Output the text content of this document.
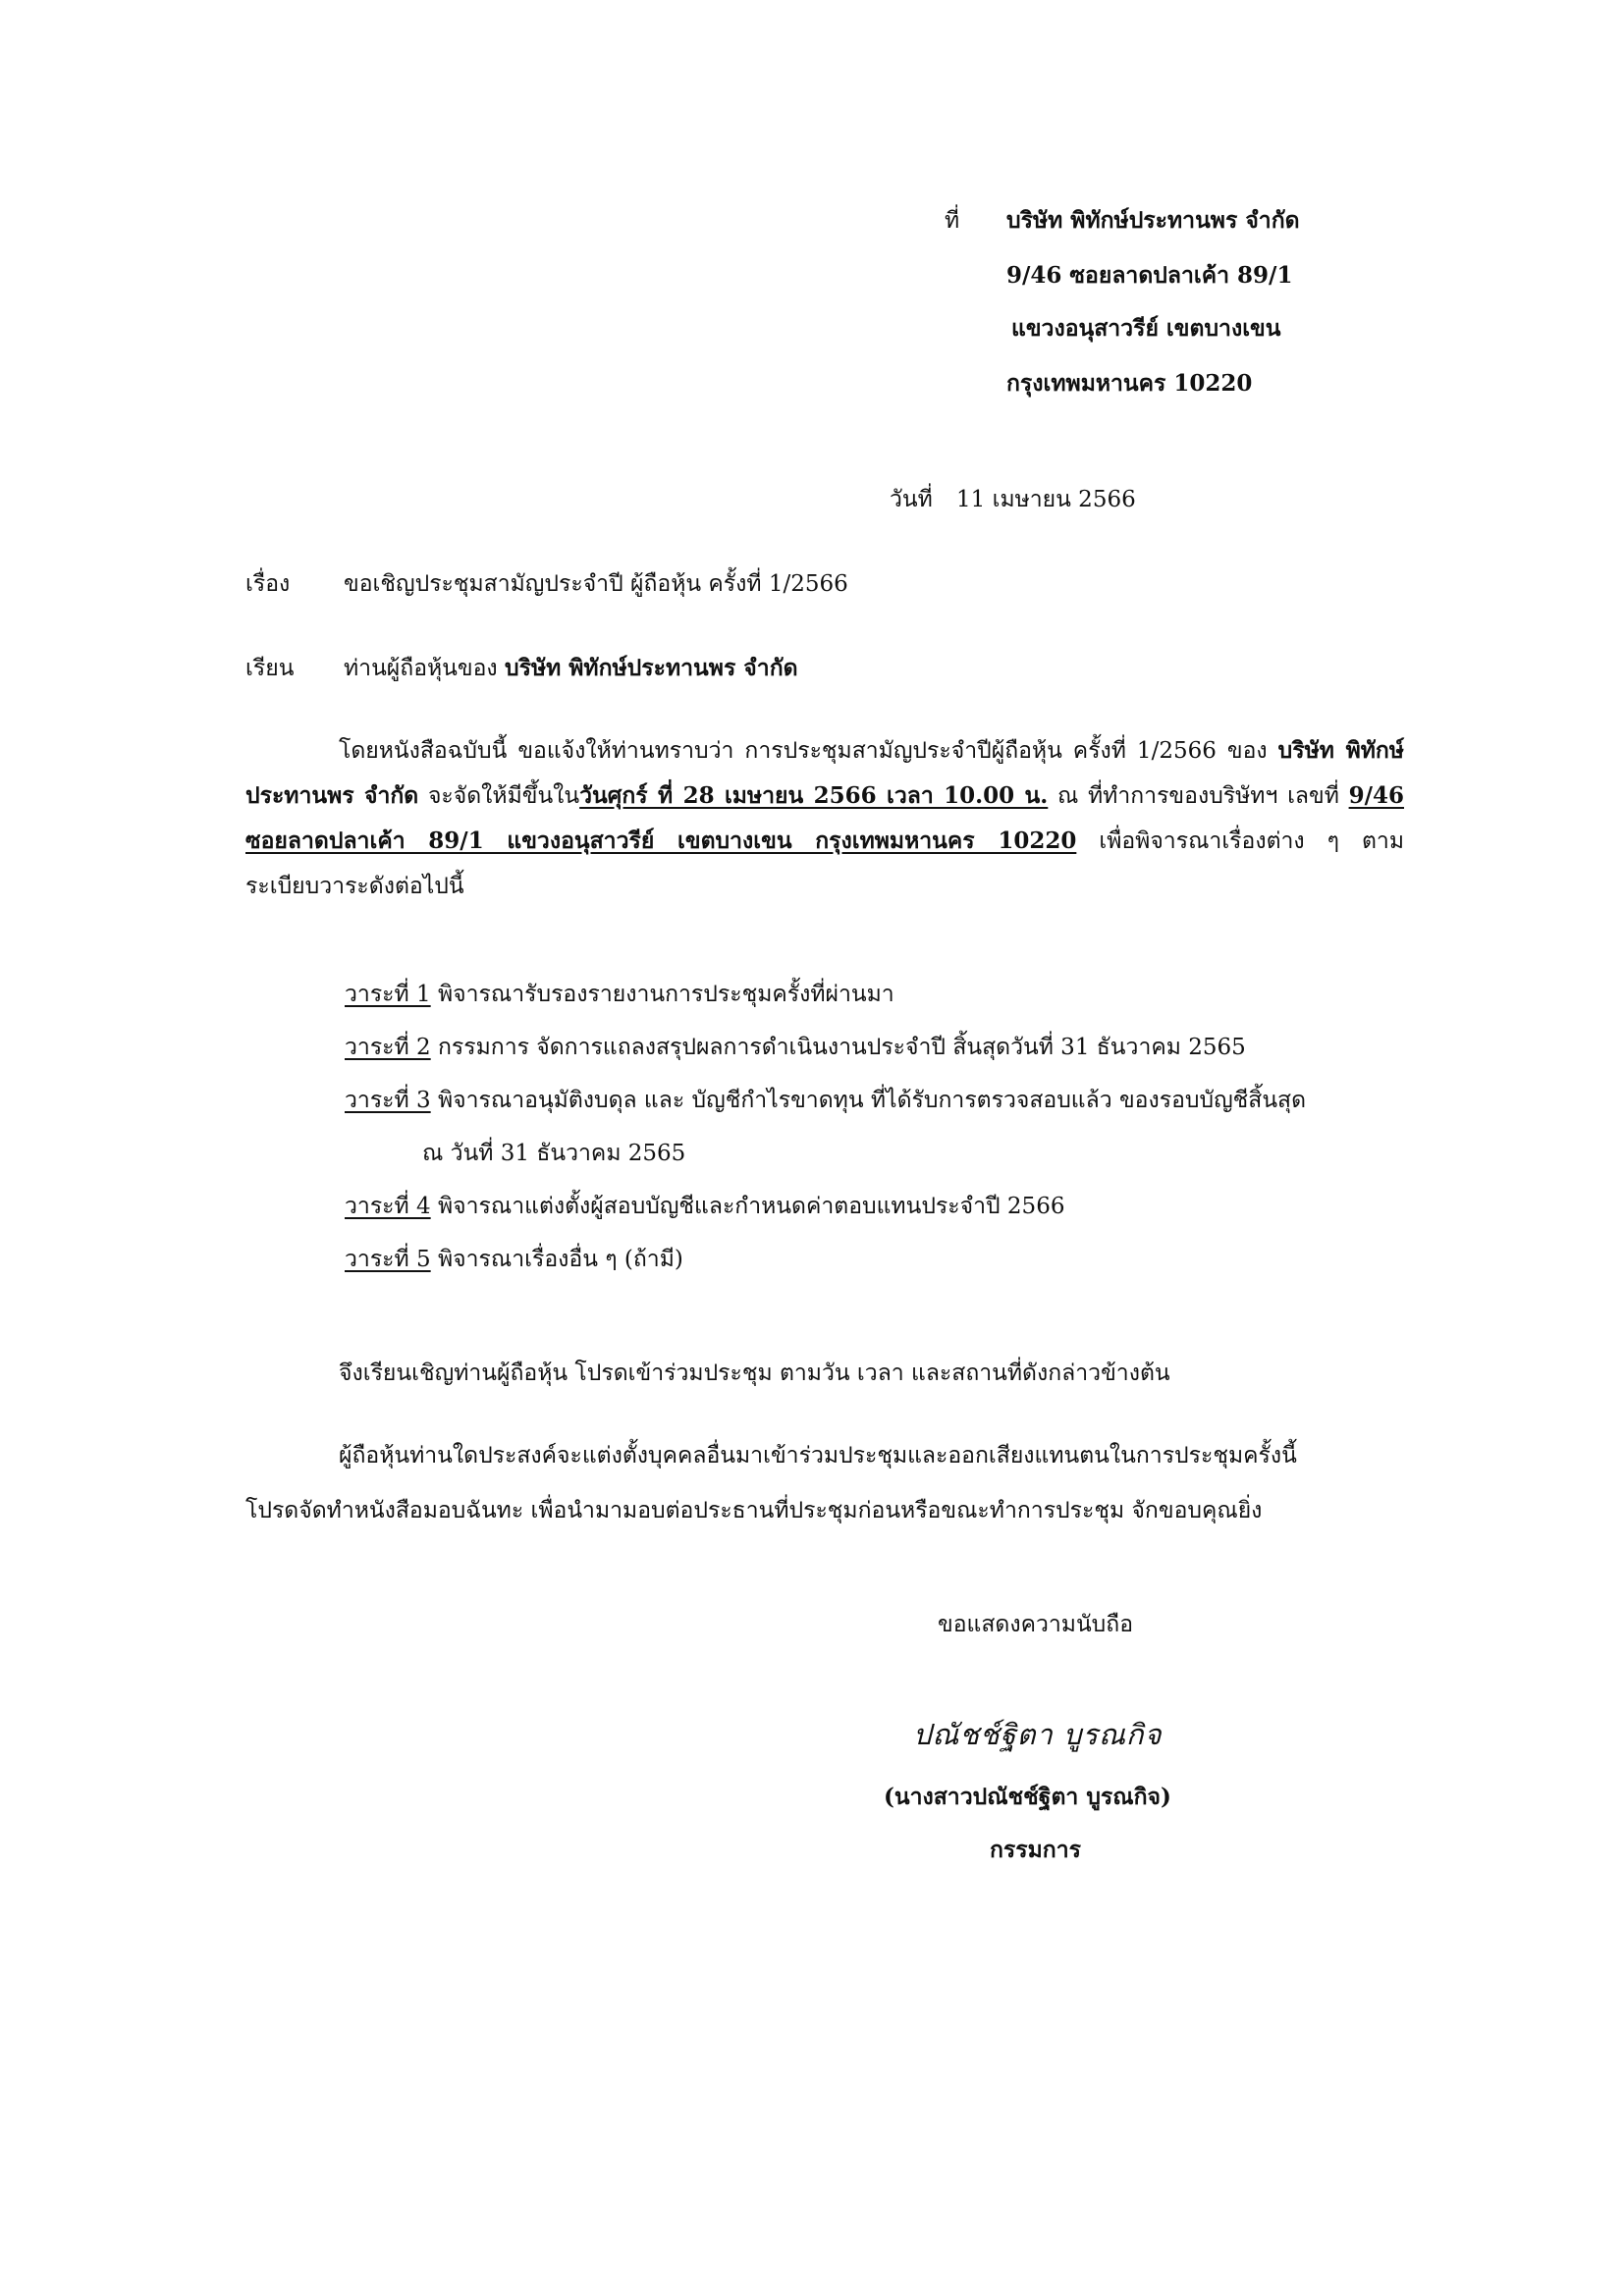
ที่ บริษัท พิทักษ์ประทานพร จำกัด
9/46 ซอยลาดปลาเค้า 89/1
แขวงอนุสาวรีย์ เขตบางเขน
กรุงเทพมหานคร 10220
วันที่ 11 เมษายน 2566
เรื่อง ขอเชิญประชุมสามัญประจำปี ผู้ถือหุ้น ครั้งที่ 1/2566
เรียน ท่านผู้ถือหุ้นของ บริษัท พิทักษ์ประทานพร จำกัด
โดยหนังสือฉบับนี้ ขอแจ้งให้ท่านทราบว่า การประชุมสามัญประจำปีผู้ถือหุ้น ครั้งที่ 1/2566 ของ บริษัท พิทักษ์ประทานพร จำกัด จะจัดให้มีขึ้นในวันศุกร์ ที่ 28 เมษายน 2566 เวลา 10.00 น. ณ ที่ทำการของบริษัทฯ เลขที่ 9/46 ซอยลาดปลาเค้า 89/1 แขวงอนุสาวรีย์ เขตบางเขน กรุงเทพมหานคร 10220 เพื่อพิจารณาเรื่องต่าง ๆ ตามระเบียบวาระดังต่อไปนี้
วาระที่ 1 พิจารณารับรองรายงานการประชุมครั้งที่ผ่านมา
วาระที่ 2 กรรมการ จัดการแถลงสรุปผลการดำเนินงานประจำปี สิ้นสุดวันที่ 31 ธันวาคม 2565
วาระที่ 3 พิจารณาอนุมัติงบดุล และ บัญชีกำไรขาดทุน ที่ได้รับการตรวจสอบแล้ว ของรอบบัญชีสิ้นสุด
ณ วันที่ 31 ธันวาคม 2565
วาระที่ 4 พิจารณาแต่งตั้งผู้สอบบัญชีและกำหนดค่าตอบแทนประจำปี 2566
วาระที่ 5 พิจารณาเรื่องอื่น ๆ (ถ้ามี)
จึงเรียนเชิญท่านผู้ถือหุ้น โปรดเข้าร่วมประชุม ตามวัน เวลา และสถานที่ดังกล่าวข้างต้น
ผู้ถือหุ้นท่านใดประสงค์จะแต่งตั้งบุคคลอื่นมาเข้าร่วมประชุมและออกเสียงแทนตนในการประชุมครั้งนี้
โปรดจัดทำหนังสือมอบฉันทะ เพื่อนำมามอบต่อประธานที่ประชุมก่อนหรือขณะทำการประชุม จักขอบคุณยิ่ง
ขอแสดงความนับถือ
ปณัชช์ฐิตา บูรณกิจ
(นางสาวปณัชช์ฐิตา บูรณกิจ)
กรรมการ
